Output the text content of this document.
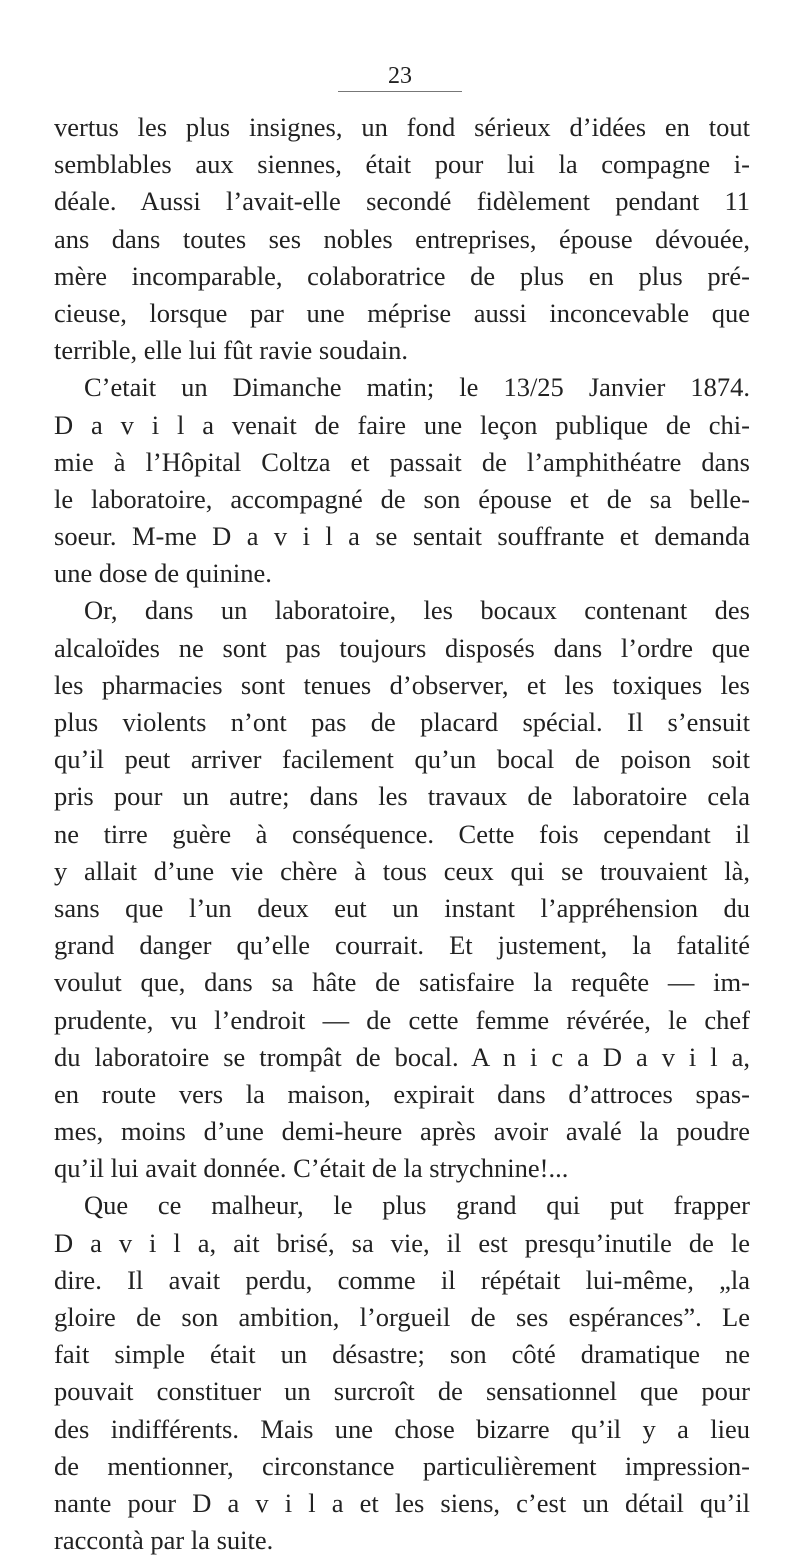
23
vertus les plus insignes, un fond sérieux d’idées en tout
semblables aux siennes, était pour lui la compagne i-
déale. Aussi l’avait-elle secondé fidèlement pendant 11
ans dans toutes ses nobles entreprises, épouse dévouée,
mère incomparable, colaboratrice de plus en plus pré-
cieuse, lorsque par une méprise aussi inconcevable que
terrible, elle lui fût ravie soudain.
C’etait un Dimanche matin; le 13/25 Janvier 1874.
D a v i l a venait de faire une leçon publique de chi-
mie à l’Hôpital Coltza et passait de l’amphithéatre dans
le laboratoire, accompagné de son épouse et de sa belle-
soeur. M-me D a v i l a se sentait souffrante et demanda
une dose de quinine.
Or, dans un laboratoire, les bocaux contenant des
alcaloïdes ne sont pas toujours disposés dans l’ordre que
les pharmacies sont tenues d’observer, et les toxiques les
plus violents n’ont pas de placard spécial. Il s’ensuit
qu’il peut arriver facilement qu’un bocal de poison soit
pris pour un autre; dans les travaux de laboratoire cela
ne tirre guère à conséquence. Cette fois cependant il
y allait d’une vie chère à tous ceux qui se trouvaient là,
sans que l’un deux eut un instant l’appréhension du
grand danger qu’elle courrait. Et justement, la fatalité
voulut que, dans sa hâte de satisfaire la requête — im-
prudente, vu l’endroit — de cette femme révérée, le chef
du laboratoire se trompât de bocal. A n i c a D a v i l a,
en route vers la maison, expirait dans d’attroces spas-
mes, moins d’une demi-heure après avoir avalé la poudre
qu’il lui avait donnée. C’était de la strychnine!...
Que ce malheur, le plus grand qui put frapper
D a v i l a, ait brisé, sa vie, il est presqu’inutile de le
dire. Il avait perdu, comme il répétait lui-même, „la
gloire de son ambition, l’orgueil de ses espérances”. Le
fait simple était un désastre; son côté dramatique ne
pouvait constituer un surcroît de sensationnel que pour
des indifférents. Mais une chose bizarre qu’il y a lieu
de mentionner, circonstance particulièrement impression-
nante pour D a v i l a et les siens, c’est un détail qu’il
raccontà par la suite.
